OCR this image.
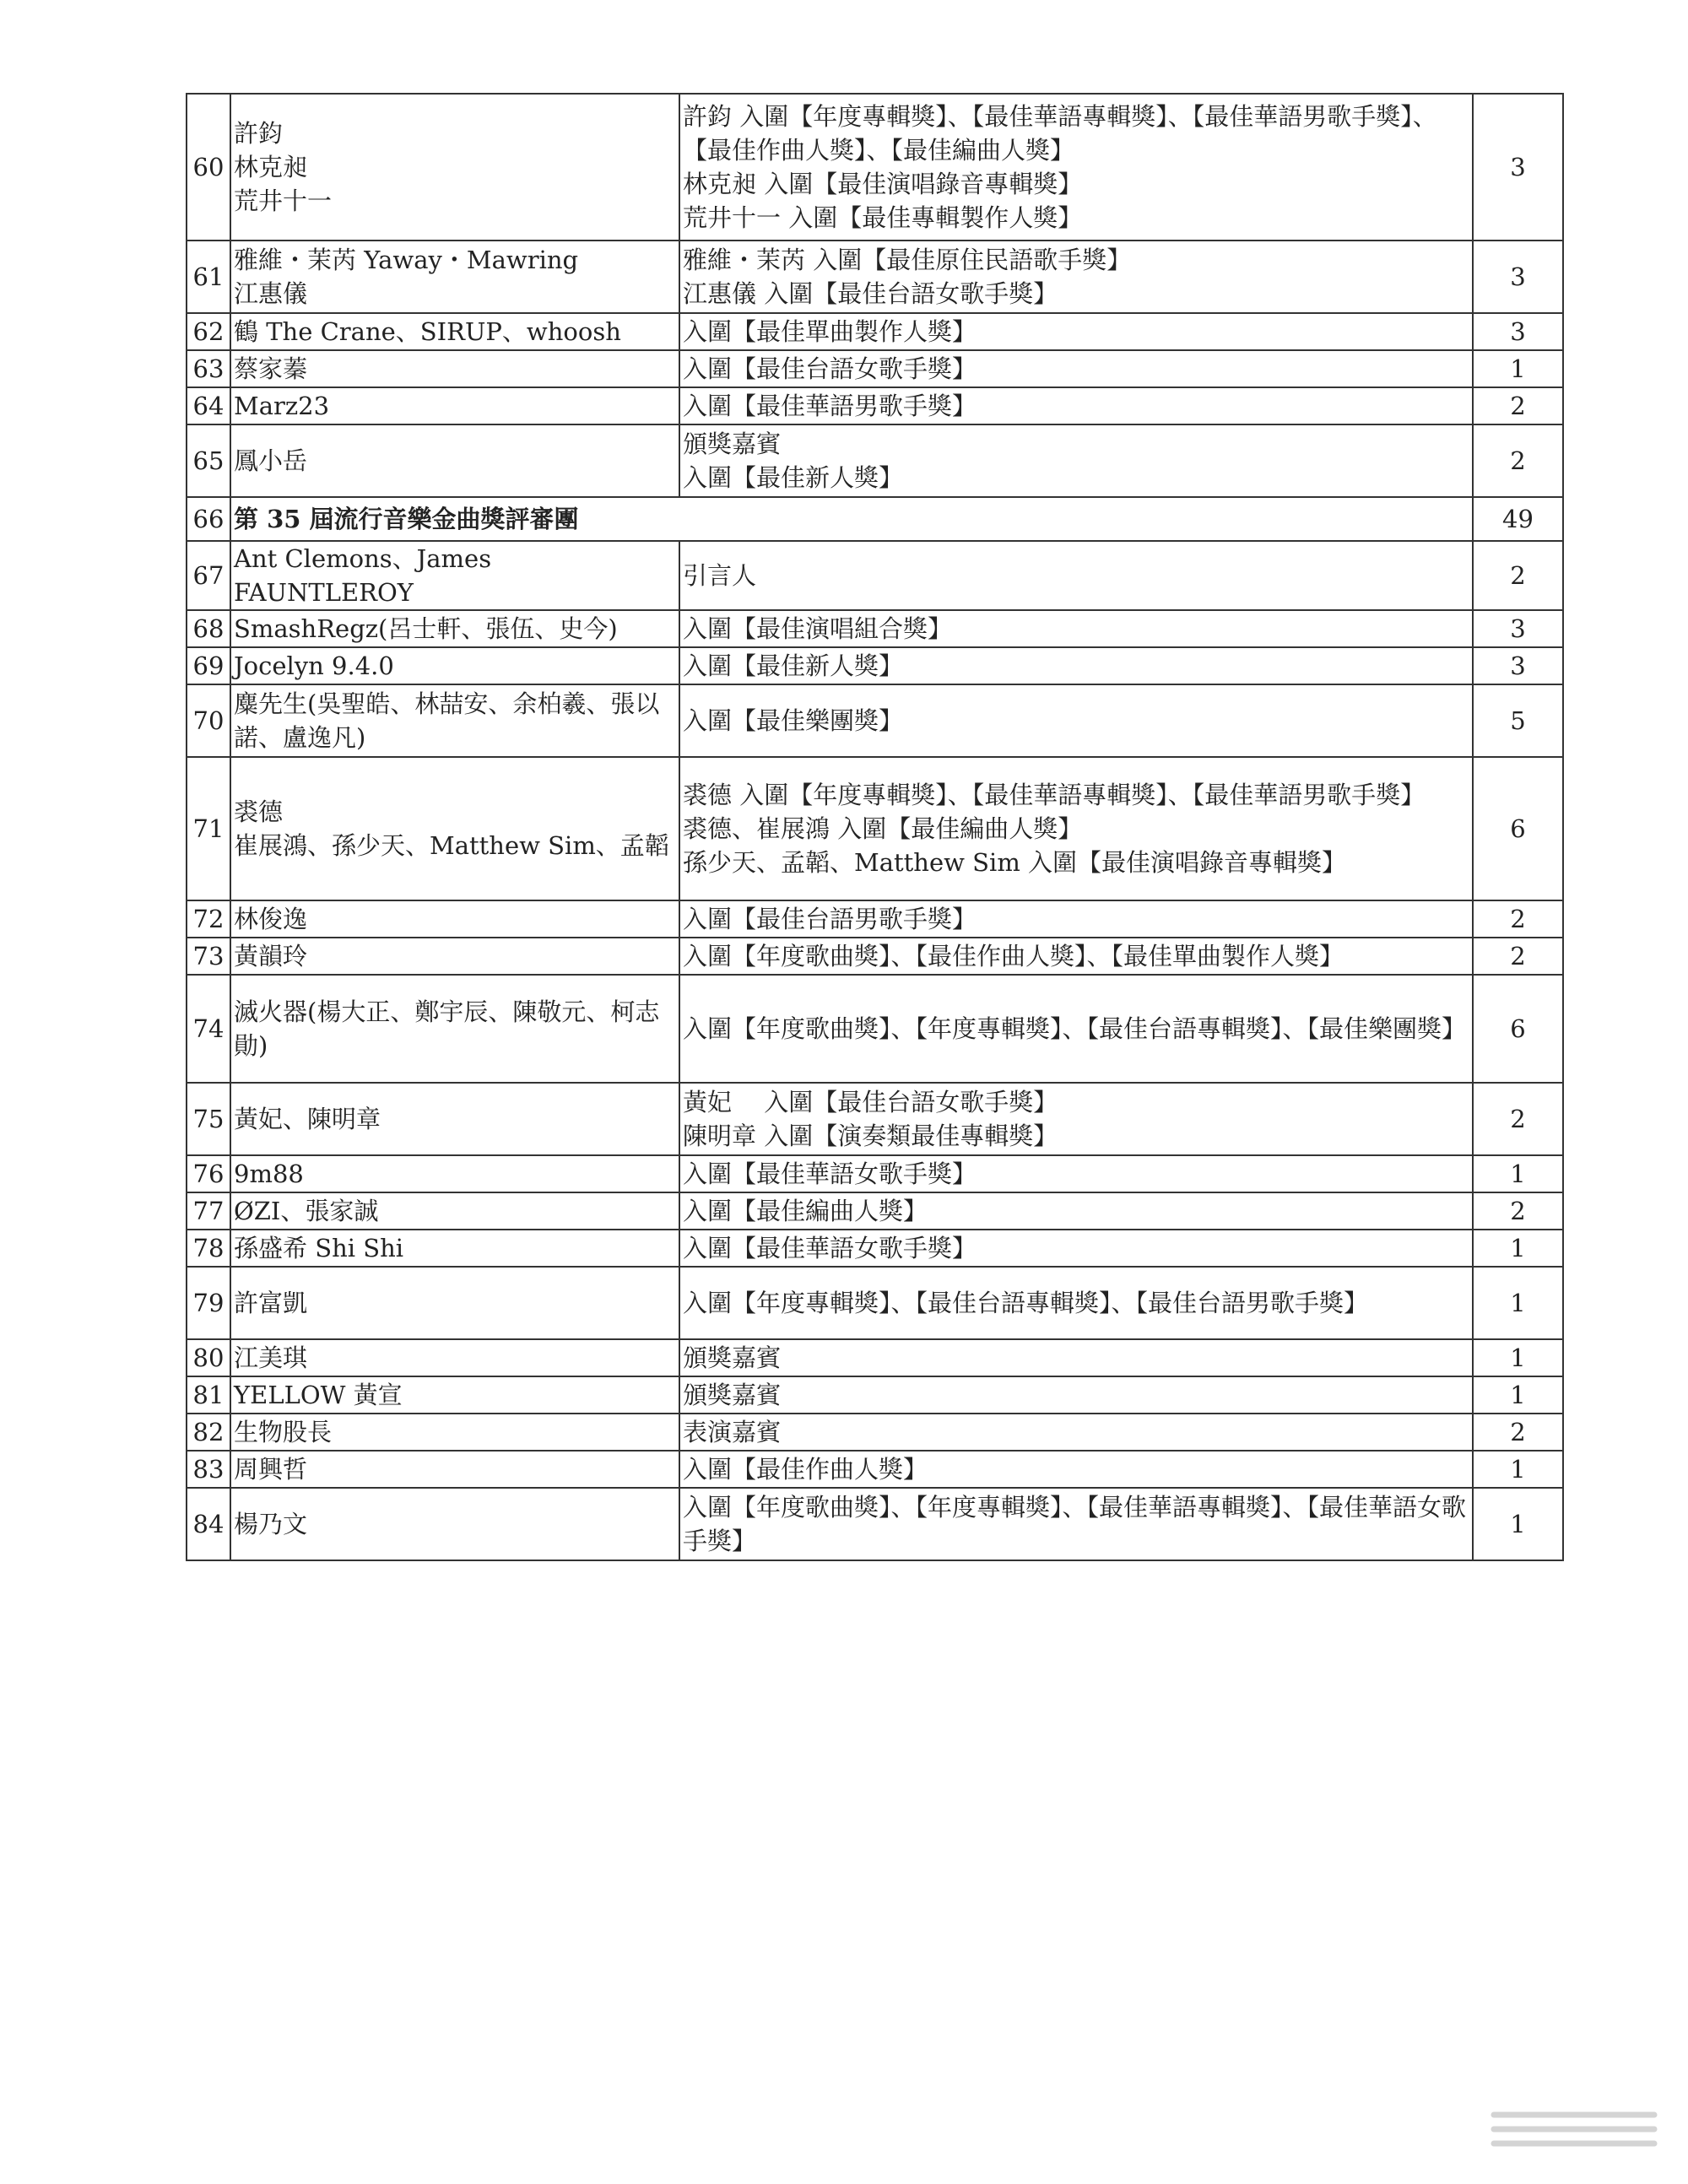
60	許鈞
林克昶
荒井十一	許鈞 入圍【年度專輯獎】、【最佳華語專輯獎】、【最佳華語男歌手獎】、【最佳作曲人獎】、【最佳編曲人獎】
林克昶 入圍【最佳演唱錄音專輯獎】
荒井十一 入圍【最佳專輯製作人獎】	3
61	雅維・茉芮 Yaway・Mawring
江惠儀	雅維・茉芮 入圍【最佳原住民語歌手獎】
江惠儀 入圍【最佳台語女歌手獎】	3
62	鶴 The Crane、SIRUP、whoosh	入圍【最佳單曲製作人獎】	3
63	蔡家蓁	入圍【最佳台語女歌手獎】	1
64	Marz23	入圍【最佳華語男歌手獎】	2
65	鳳小岳	頒獎嘉賓
入圍【最佳新人獎】	2
66	第 35 屆流行音樂金曲獎評審團		49
67	Ant Clemons、James FAUNTLEROY	引言人	2
68	SmashRegz(呂士軒、張伍、史今)	入圍【最佳演唱組合獎】	3
69	Jocelyn 9.4.0	入圍【最佳新人獎】	3
70	麋先生(吳聖皓、林喆安、余柏羲、張以諾、盧逸凡)	入圍【最佳樂團獎】	5
71	裘德
崔展鴻、孫少天、Matthew Sim、孟韜	裘德 入圍【年度專輯獎】、【最佳華語專輯獎】、【最佳華語男歌手獎】
裘德、崔展鴻 入圍【最佳編曲人獎】
孫少天、孟韜、Matthew Sim 入圍【最佳演唱錄音專輯獎】	6
72	林俊逸	入圍【最佳台語男歌手獎】	2
73	黃韻玲	入圍【年度歌曲獎】、【最佳作曲人獎】、【最佳單曲製作人獎】	2
74	滅火器(楊大正、鄭宇辰、陳敬元、柯志勛)	入圍【年度歌曲獎】、【年度專輯獎】、【最佳台語專輯獎】、【最佳樂團獎】	6
75	黃妃、陳明章	黃妃　 入圍【最佳台語女歌手獎】
陳明章 入圍【演奏類最佳專輯獎】	2
76	9m88	入圍【最佳華語女歌手獎】	1
77	ØZI、張家誠	入圍【最佳編曲人獎】	2
78	孫盛希 Shi Shi	入圍【最佳華語女歌手獎】	1
79	許富凱	入圍【年度專輯獎】、【最佳台語專輯獎】、【最佳台語男歌手獎】	1
80	江美琪	頒獎嘉賓	1
81	YELLOW 黃宣	頒獎嘉賓	1
82	生物股長	表演嘉賓	2
83	周興哲	入圍【最佳作曲人獎】	1
84	楊乃文	入圍【年度歌曲獎】、【年度專輯獎】、【最佳華語專輯獎】、【最佳華語女歌手獎】	1
